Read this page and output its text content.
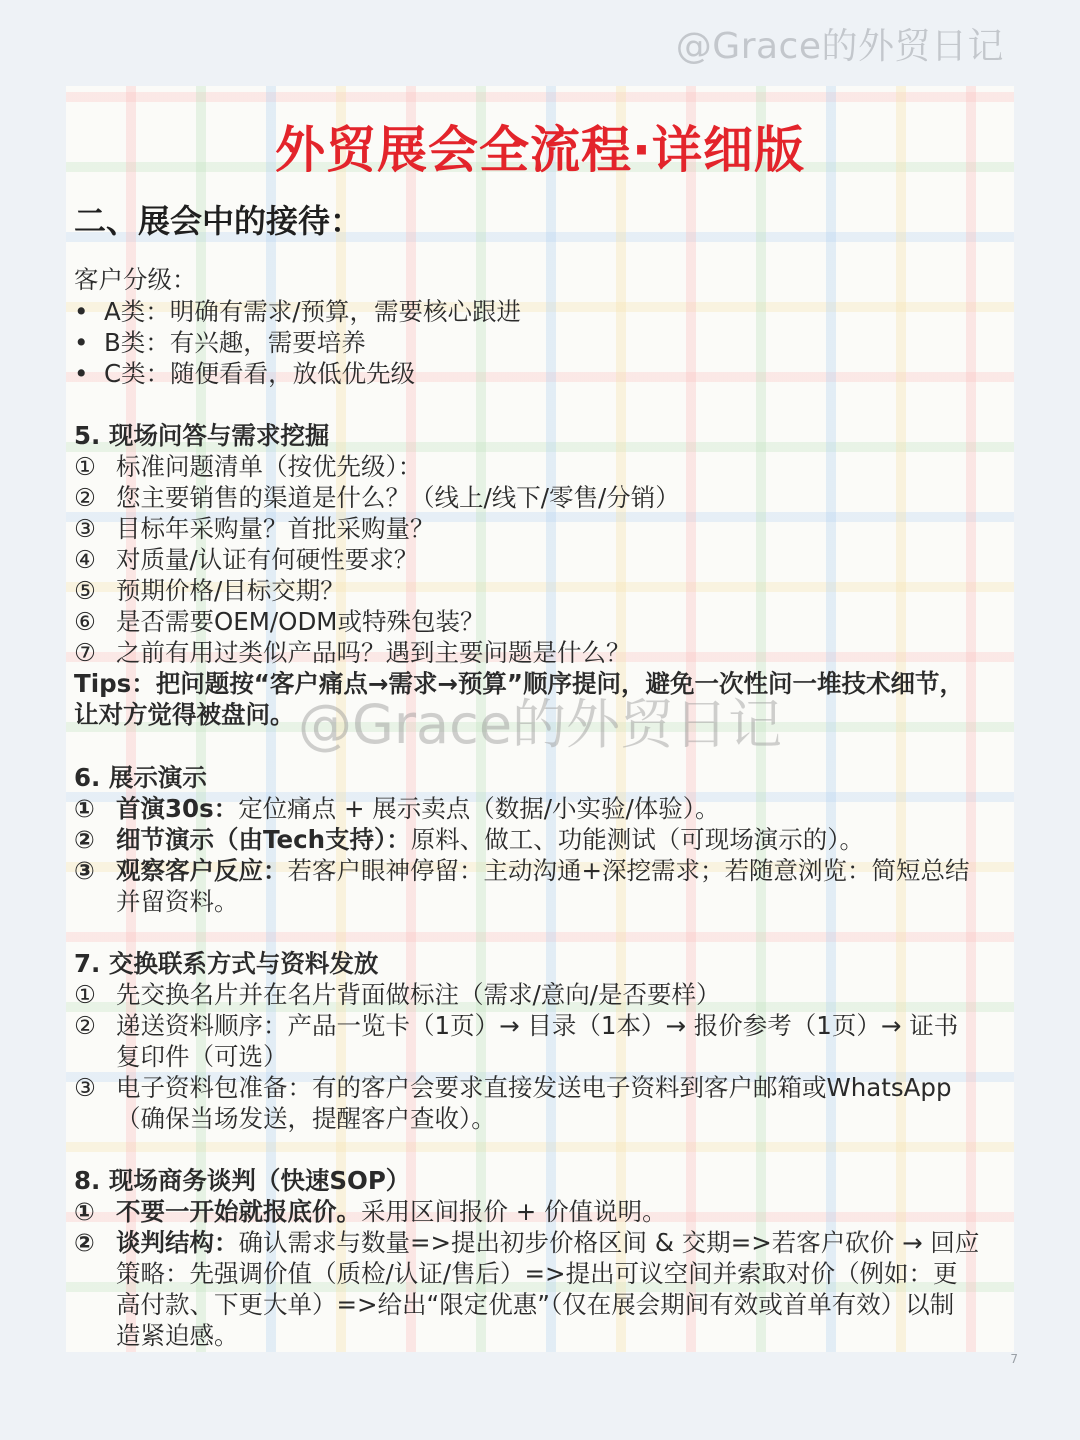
@Grace的外贸日记
外贸展会全流程·详细版
二、展会中的接待：
客户分级：
• A类：明确有需求/预算，需要核心跟进
• B类：有兴趣，需要培养
• C类：随便看看，放低优先级
5. 现场问答与需求挖掘
① 标准问题清单（按优先级）：
② 您主要销售的渠道是什么？（线上/线下/零售/分销）
③ 目标年采购量？首批采购量？
④ 对质量/认证有何硬性要求？
⑤ 预期价格/目标交期？
⑥ 是否需要OEM/ODM或特殊包装？
⑦ 之前有用过类似产品吗？遇到主要问题是什么？
Tips：把问题按“客户痛点→需求→预算”顺序提问，避免一次性问一堆技术细节，
让对方觉得被盘问。 @Grace的外贸日记
6. 展示演示
① 首演30s：定位痛点 + 展示卖点（数据/小实验/体验）。
② 细节演示（由Tech支持）：原料、做工、功能测试（可现场演示的）。
③ 观察客户反应：若客户眼神停留：主动沟通+深挖需求；若随意浏览：简短总结
并留资料。
7. 交换联系方式与资料发放
① 先交换名片并在名片背面做标注（需求/意向/是否要样）
② 递送资料顺序：产品一览卡（1页）→ 目录（1本）→ 报价参考（1页）→ 证书
复印件（可选）
③ 电子资料包准备：有的客户会要求直接发送电子资料到客户邮箱或WhatsApp
（确保当场发送，提醒客户查收）。
8. 现场商务谈判（快速SOP）
① 不要一开始就报底价。采用区间报价 + 价值说明。
② 谈判结构：确认需求与数量=>提出初步价格区间 & 交期=>若客户砍价 → 回应
策略：先强调价值（质检/认证/售后）=>提出可议空间并索取对价（例如：更
高付款、下更大单）=>给出“限定优惠”（仅在展会期间有效或首单有效）以制
造紧迫感。
7
